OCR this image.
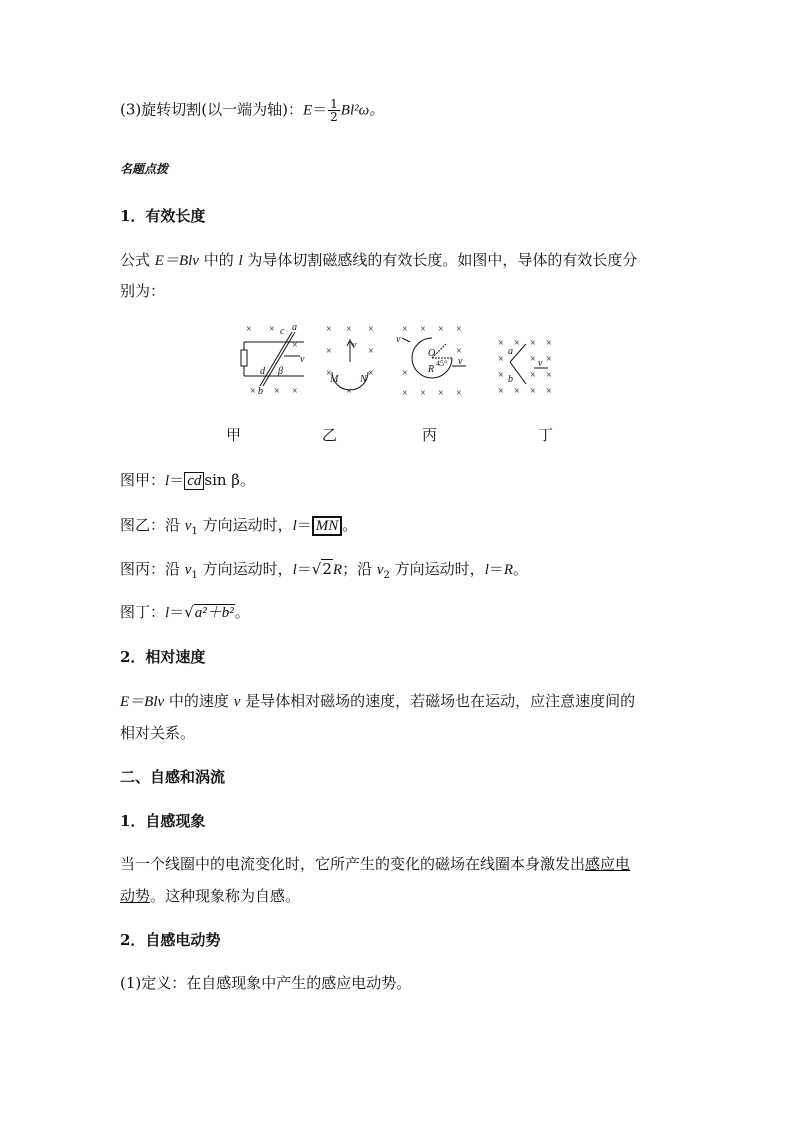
(3)旋转切割(以一端为轴)：$E= \frac{1}{2} Bl^2\omega$。
名题点拨
1．有效长度
公式 E＝Blv 中的 l 为导体切割磁感线的有效长度。如图中，导体的有效长度分
别为：
× ×
×
× × ×
c a
v
d β
b
× × ×
×	×
×	×
×
v
M N
× × × ×
×
×
× × × ×
v
O
R
45° v
× × × ×
×	× ×
×	× ×
× × × ×
a
v
b
甲	乙	丙	丁
图甲：l＝ cd sin β。
图乙：沿 $v_1$ 方向运动时，l＝ MN 。
图丙：沿 $v_1$ 方向运动时，l＝√2R；沿 $v_2$ 方向运动时，l＝R。
图丁：l＝√a²＋b²。
2．相对速度
E＝Blv 中的速度 v 是导体相对磁场的速度，若磁场也在运动，应注意速度间的
相对关系。
二、自感和涡流
1．自感现象
当一个线圈中的电流变化时，它所产生的变化的磁场在线圈本身激发出感应电
动势。这种现象称为自感。
2．自感电动势
(1)定义：在自感现象中产生的感应电动势。
